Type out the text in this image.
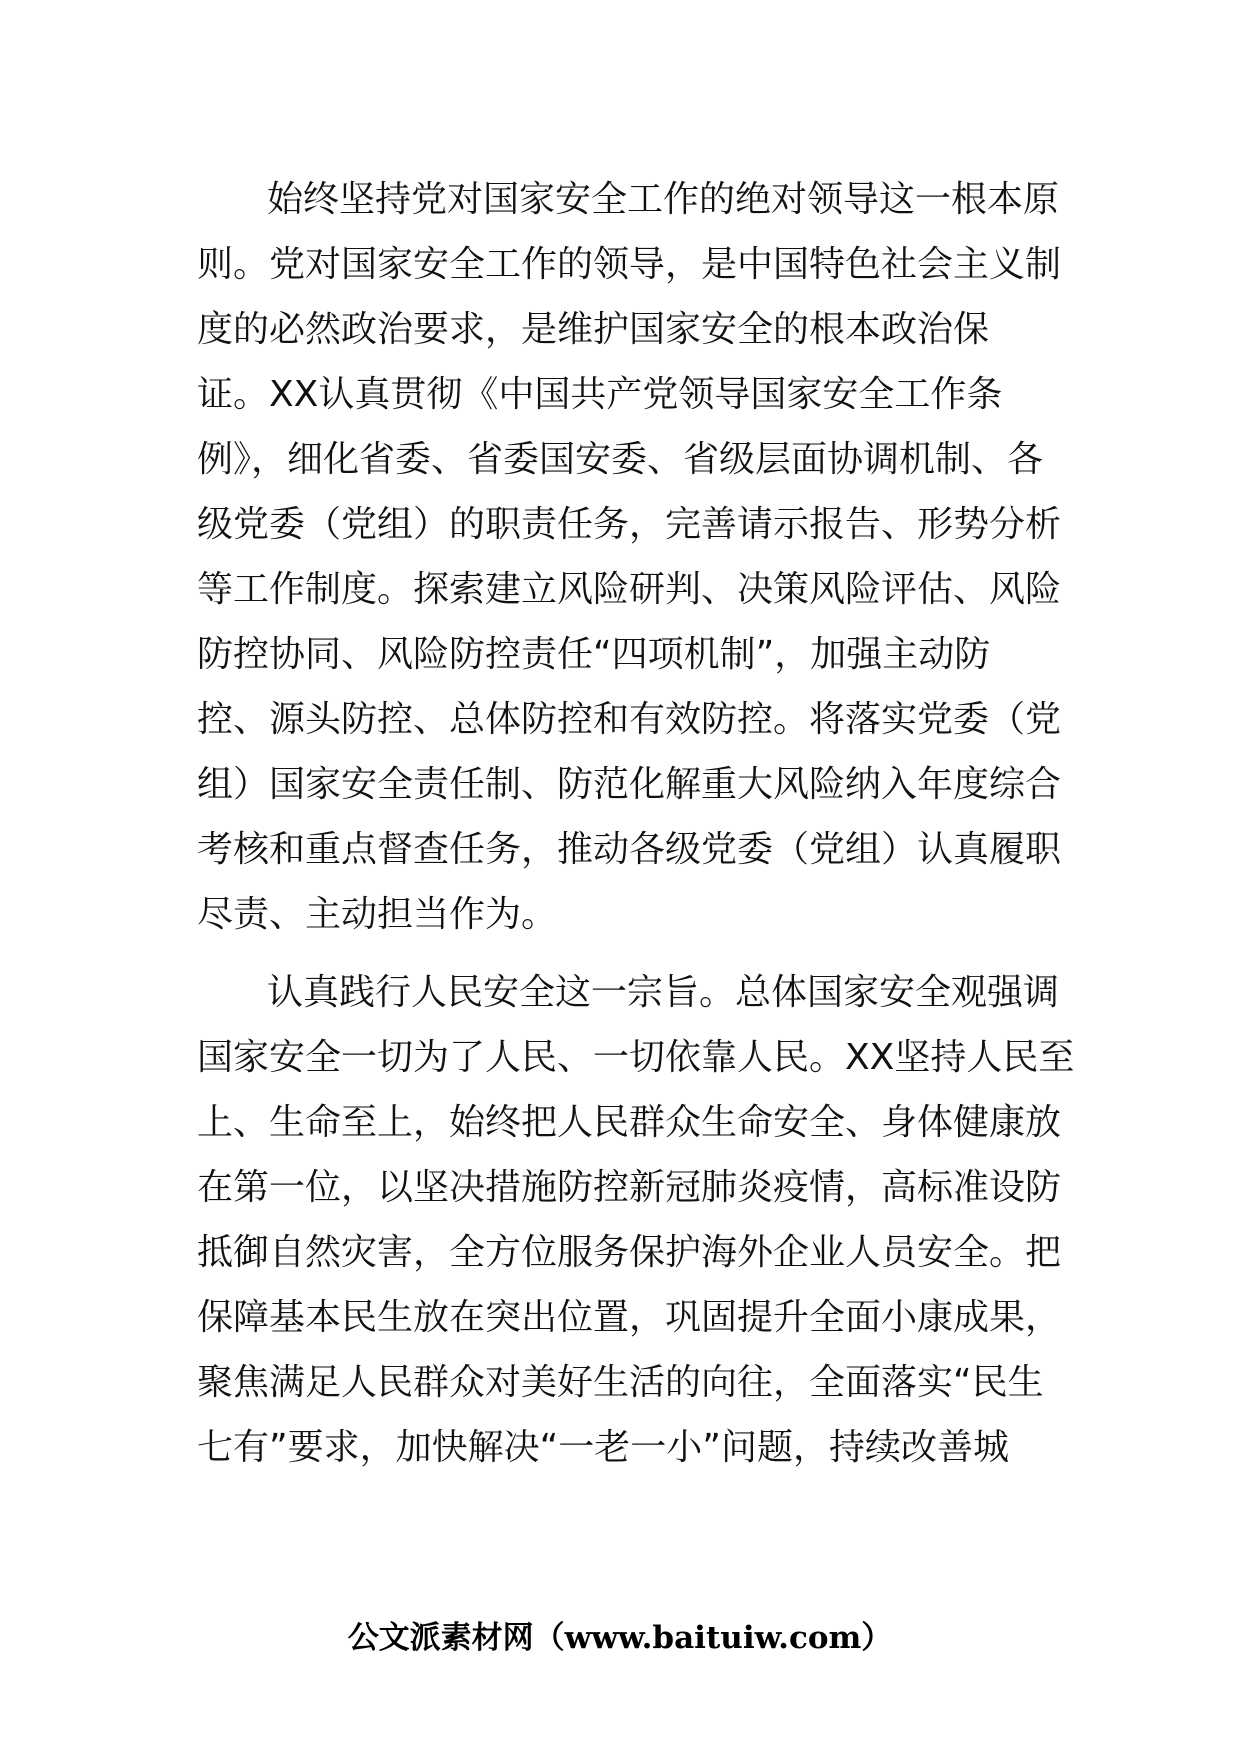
始终坚持党对国家安全工作的绝对领导这一根本原
则。党对国家安全工作的领导，是中国特色社会主义制
度的必然政治要求，是维护国家安全的根本政治保
证。XX认真贯彻《中国共产党领导国家安全工作条
例》，细化省委、省委国安委、省级层面协调机制、各
级党委（党组）的职责任务，完善请示报告、形势分析
等工作制度。探索建立风险研判、决策风险评估、风险
防控协同、风险防控责任“四项机制”，加强主动防
控、源头防控、总体防控和有效防控。将落实党委（党
组）国家安全责任制、防范化解重大风险纳入年度综合
考核和重点督查任务，推动各级党委（党组）认真履职
尽责、主动担当作为。
认真践行人民安全这一宗旨。总体国家安全观强调
国家安全一切为了人民、一切依靠人民。XX坚持人民至
上、生命至上，始终把人民群众生命安全、身体健康放
在第一位，以坚决措施防控新冠肺炎疫情，高标准设防
抵御自然灾害，全方位服务保护海外企业人员安全。把
保障基本民生放在突出位置，巩固提升全面小康成果，
聚焦满足人民群众对美好生活的向往，全面落实“民生
七有”要求，加快解决“一老一小”问题，持续改善城
公文派素材网（www.baituiw.com）
